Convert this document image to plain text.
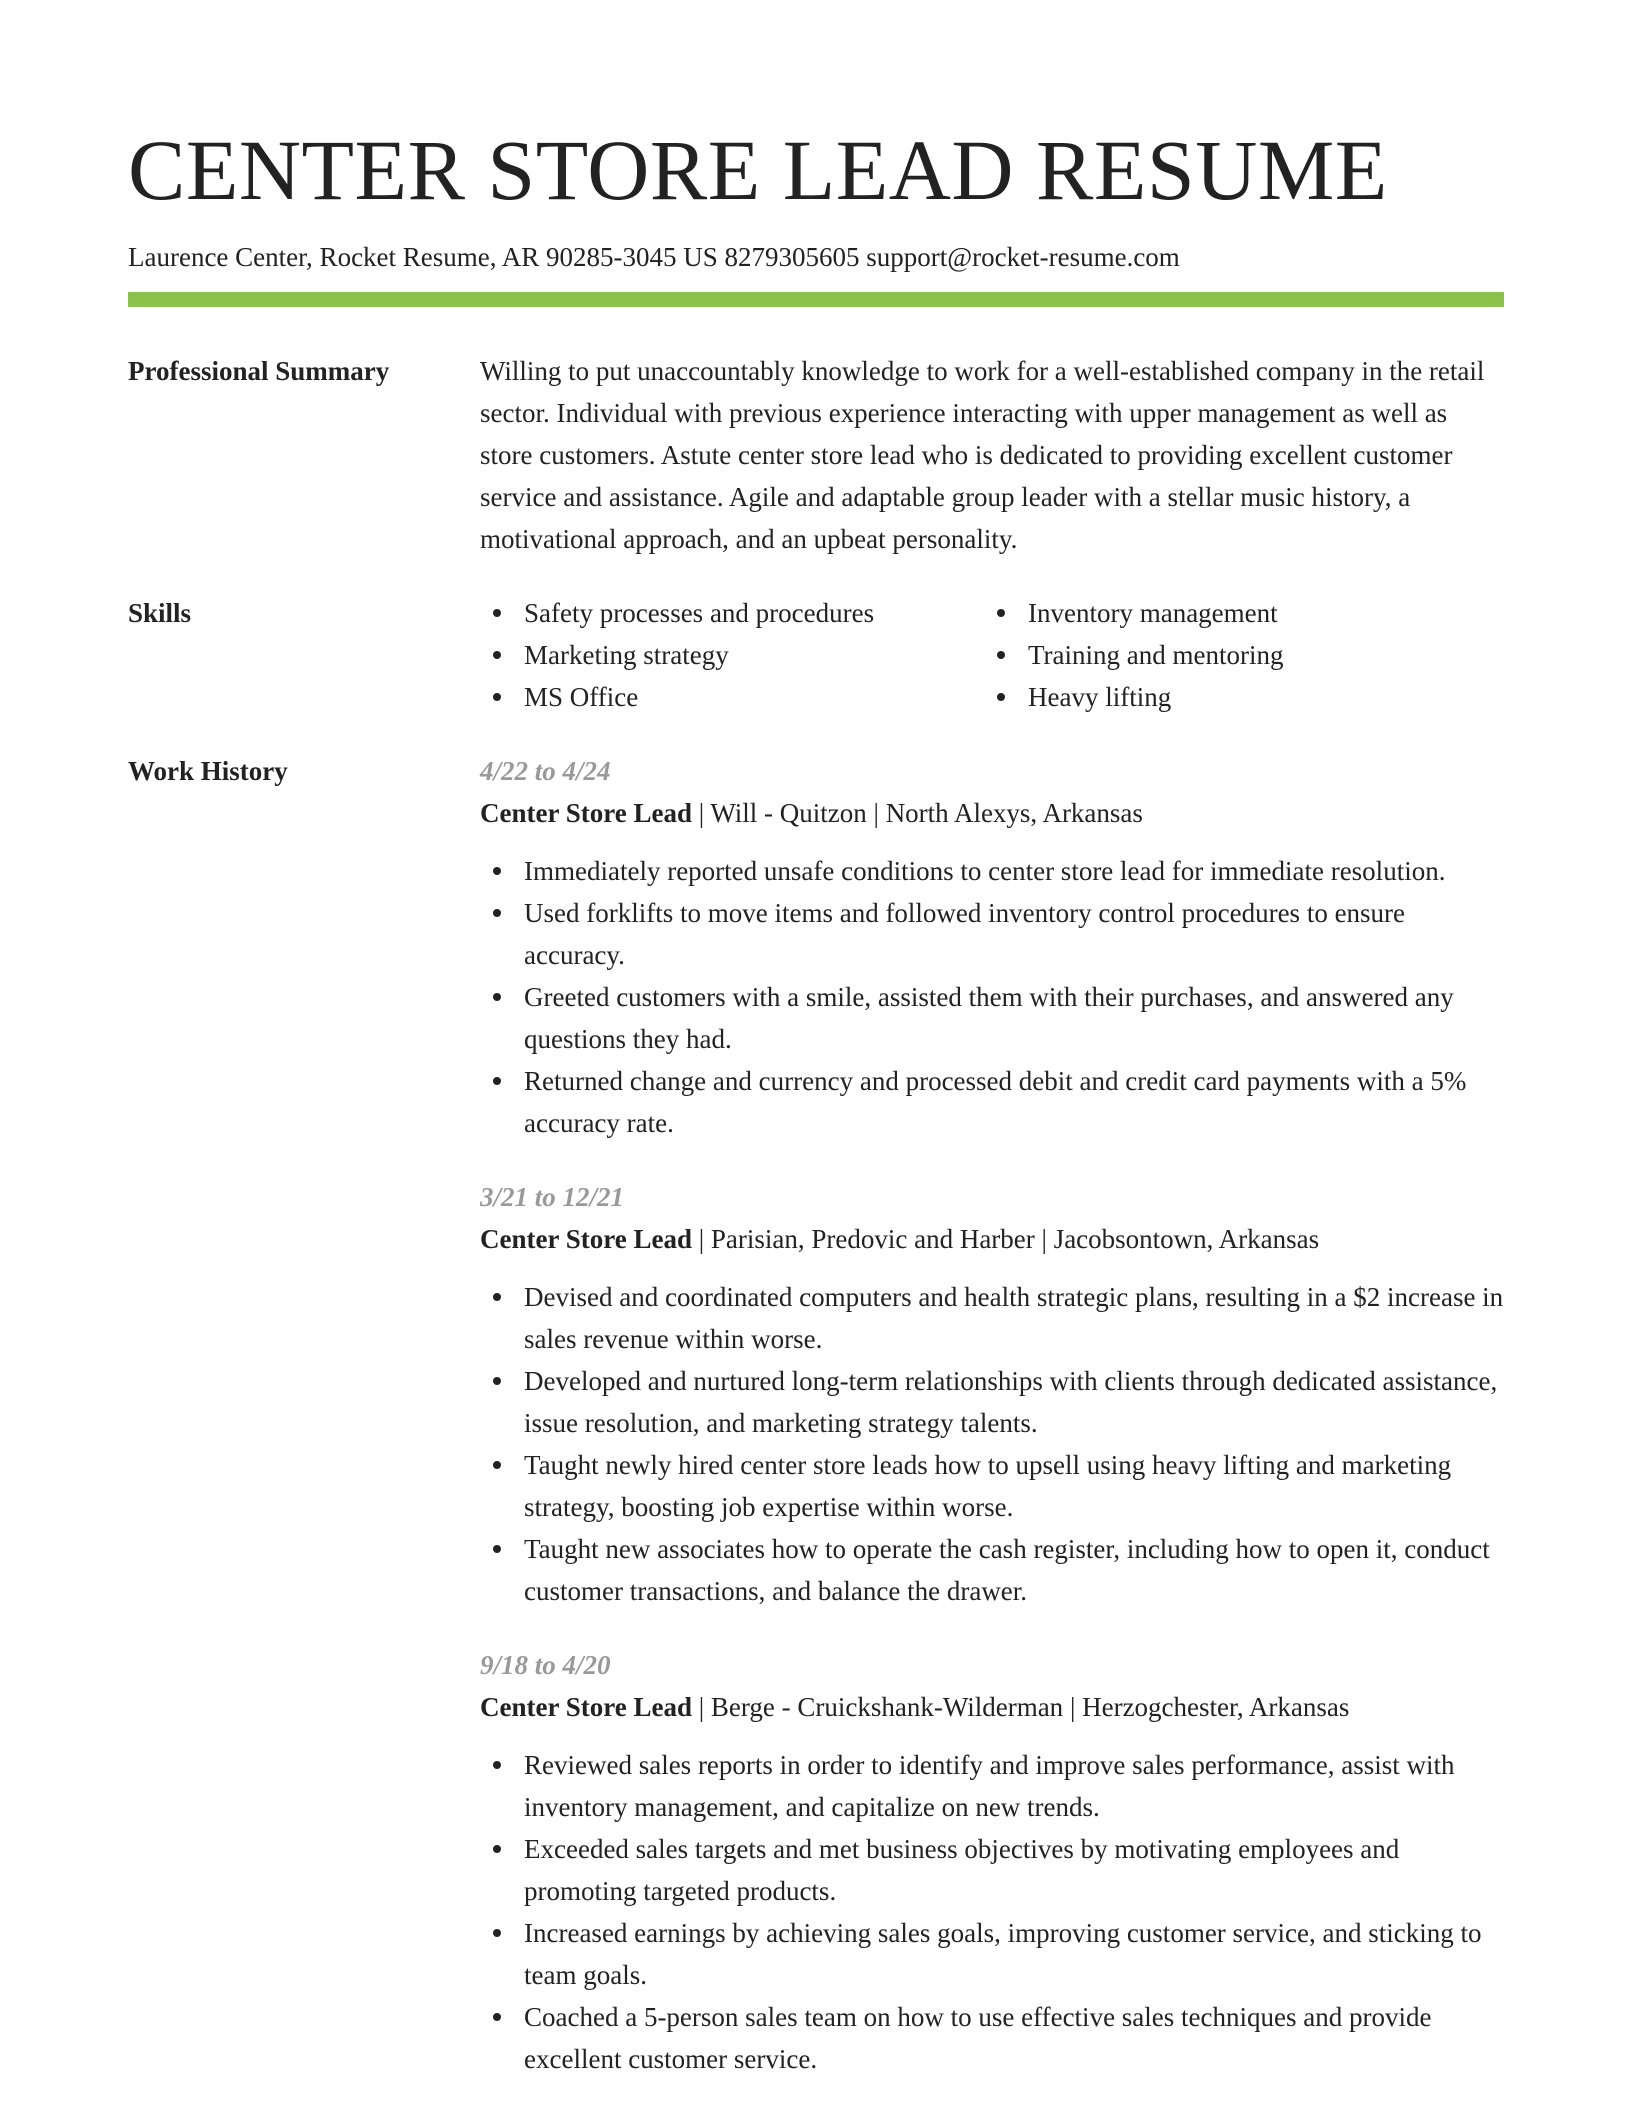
CENTER STORE LEAD RESUME
Laurence Center, Rocket Resume, AR 90285-3045 US 8279305605 support@rocket-resume.com
Professional Summary	Willing to put unaccountably knowledge to work for a well-established company in the retail sector. Individual with previous experience interacting with upper management as well as store customers. Astute center store lead who is dedicated to providing excellent customer service and assistance. Agile and adaptable group leader with a stellar music history, a motivational approach, and an upbeat personality.

Skills	Safety processes and procedures
Marketing strategy
MS Office
Inventory management
Training and mentoring
Heavy lifting
Work History	4/22 to 4/24
Center Store Lead | Will - Quitzon | North Alexys, Arkansas
Immediately reported unsafe conditions to center store lead for immediate resolution.
Used forklifts to move items and followed inventory control procedures to ensure accuracy.
Greeted customers with a smile, assisted them with their purchases, and answered any questions they had.
Returned change and currency and processed debit and credit card payments with a 5% accuracy rate.
3/21 to 12/21
Center Store Lead | Parisian, Predovic and Harber | Jacobsontown, Arkansas
Devised and coordinated computers and health strategic plans, resulting in a $2 increase in sales revenue within worse.
Developed and nurtured long-term relationships with clients through dedicated assistance, issue resolution, and marketing strategy talents.
Taught newly hired center store leads how to upsell using heavy lifting and marketing strategy, boosting job expertise within worse.
Taught new associates how to operate the cash register, including how to open it, conduct customer transactions, and balance the drawer.
9/18 to 4/20
Center Store Lead | Berge - Cruickshank-Wilderman | Herzogchester, Arkansas
Reviewed sales reports in order to identify and improve sales performance, assist with inventory management, and capitalize on new trends.
Exceeded sales targets and met business objectives by motivating employees and promoting targeted products.
Increased earnings by achieving sales goals, improving customer service, and sticking to team goals.
Coached a 5-person sales team on how to use effective sales techniques and provide excellent customer service.
